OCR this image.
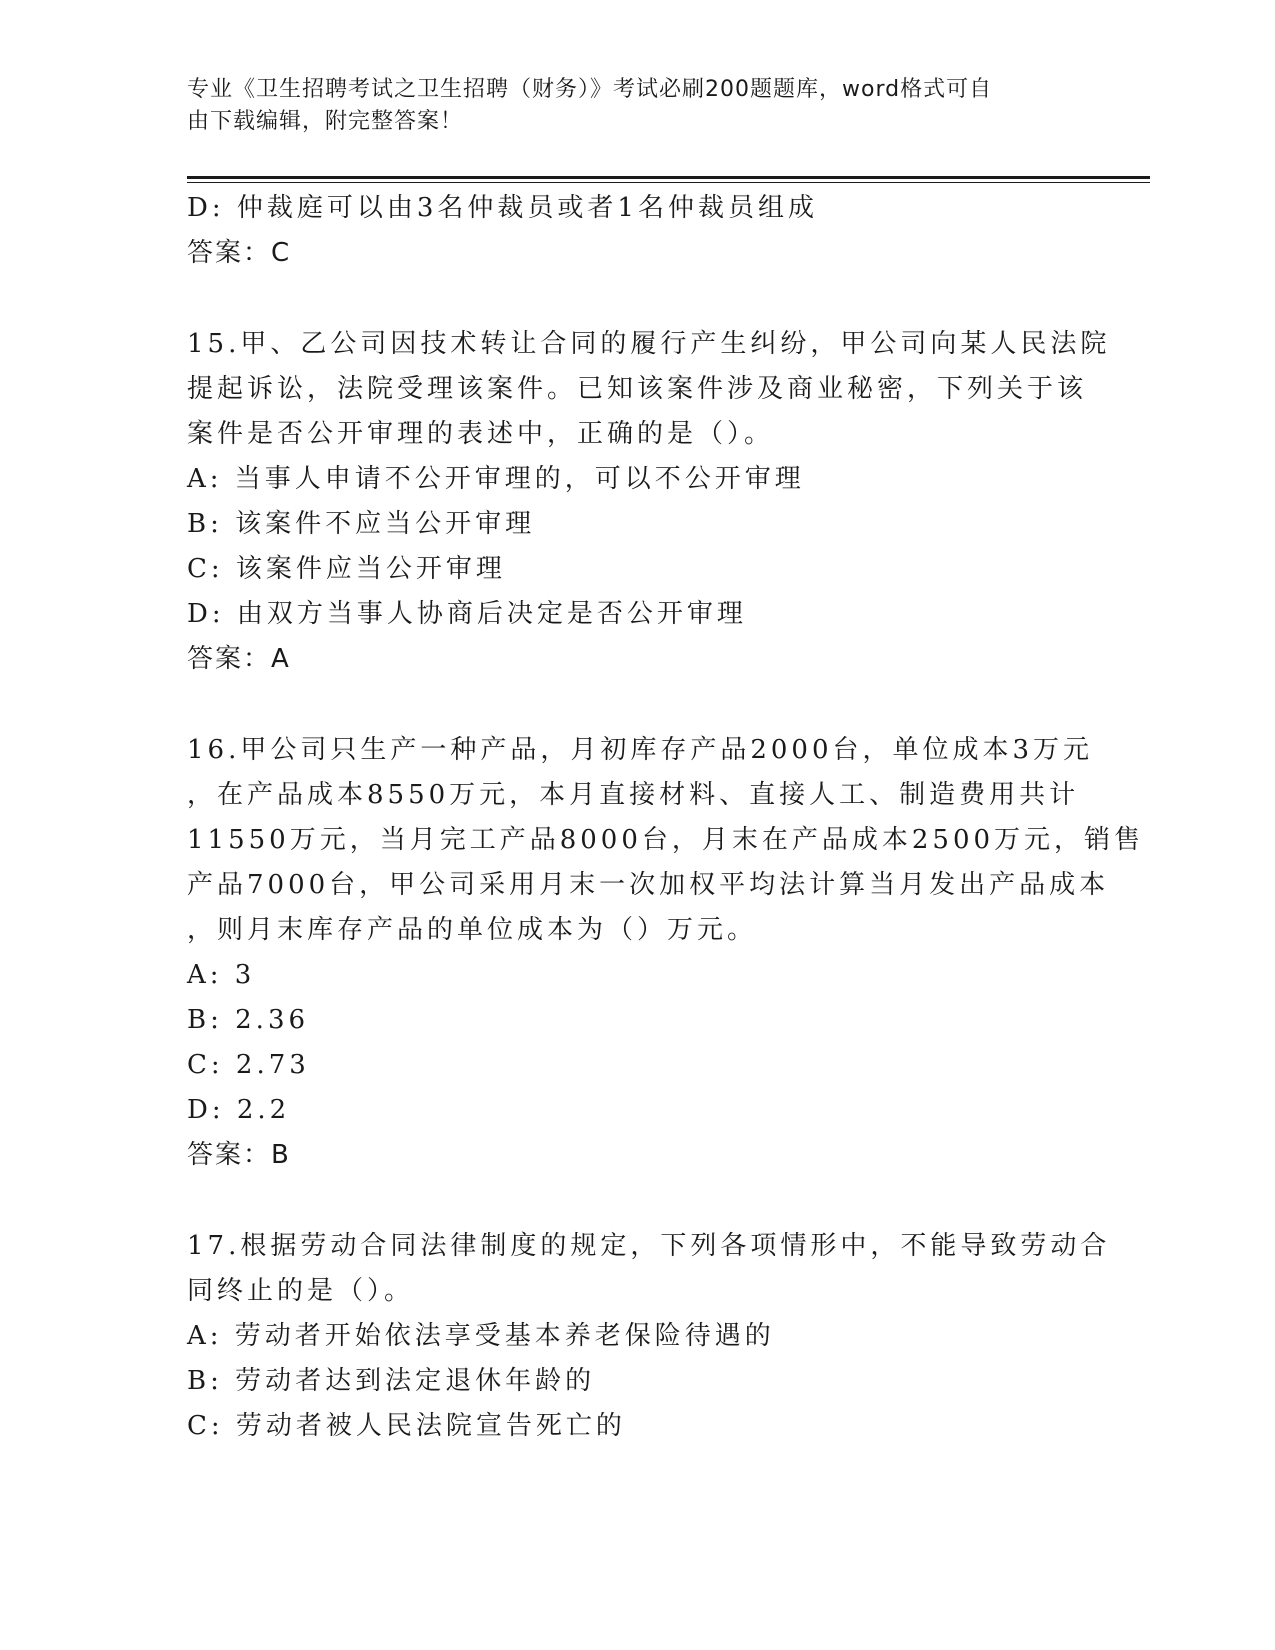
专业《卫生招聘考试之卫生招聘（财务）》考试必刷200题题库，word格式可自
由下载编辑，附完整答案！
D: 仲裁庭可以由3名仲裁员或者1名仲裁员组成
答案：C
15.甲、乙公司因技术转让合同的履行产生纠纷，甲公司向某人民法院
提起诉讼，法院受理该案件。已知该案件涉及商业秘密，下列关于该
案件是否公开审理的表述中，正确的是（）。
A: 当事人申请不公开审理的，可以不公开审理
B: 该案件不应当公开审理
C: 该案件应当公开审理
D: 由双方当事人协商后决定是否公开审理
答案：A
16.甲公司只生产一种产品，月初库存产品2000台，单位成本3万元
，在产品成本8550万元，本月直接材料、直接人工、制造费用共计
11550万元，当月完工产品8000台，月末在产品成本2500万元，销售
产品7000台，甲公司采用月末一次加权平均法计算当月发出产品成本
，则月末库存产品的单位成本为（）万元。
A: 3
B: 2.36
C: 2.73
D: 2.2
答案：B
17.根据劳动合同法律制度的规定，下列各项情形中，不能导致劳动合
同终止的是（）。
A: 劳动者开始依法享受基本养老保险待遇的
B: 劳动者达到法定退休年龄的
C: 劳动者被人民法院宣告死亡的
